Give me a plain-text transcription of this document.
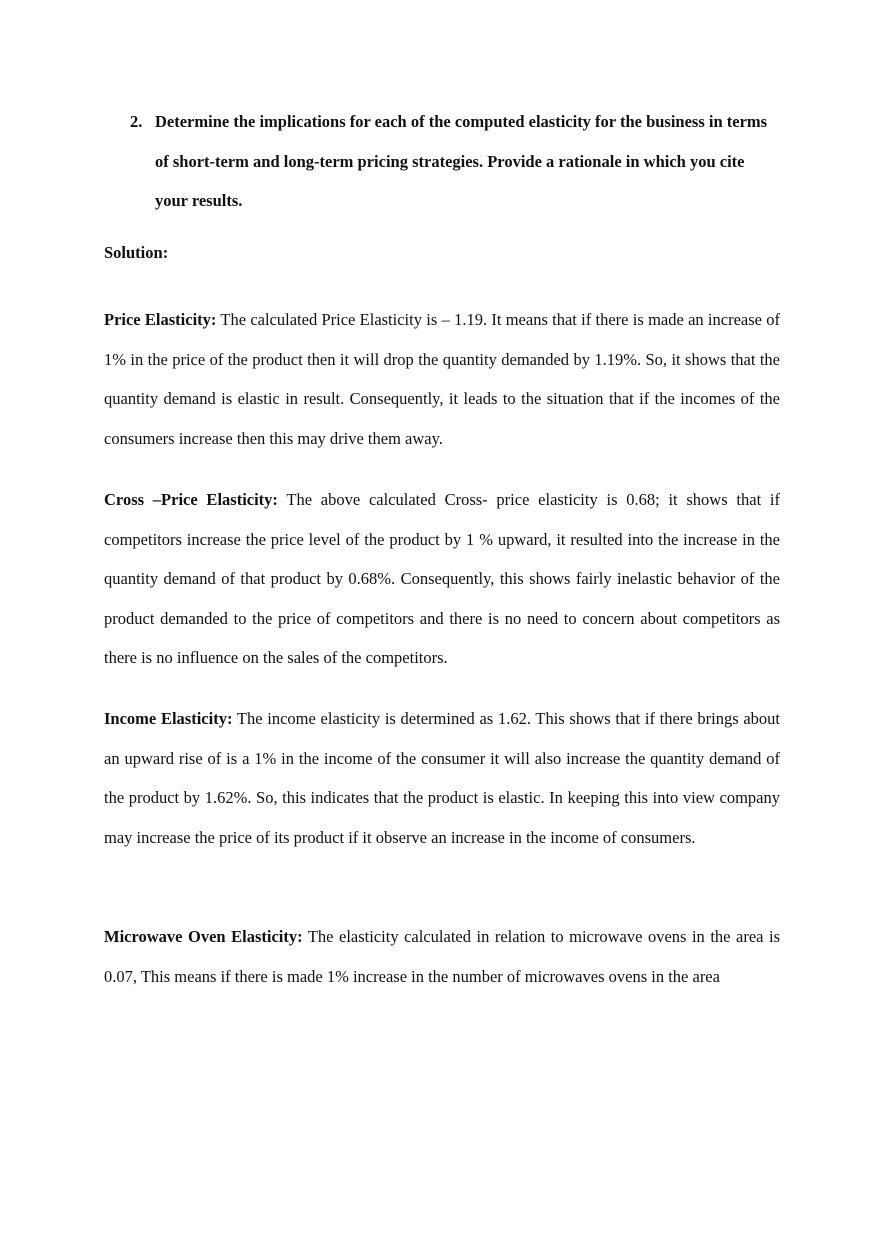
2. Determine the implications for each of the computed elasticity for the business in terms of short-term and long-term pricing strategies. Provide a rationale in which you cite your results.
Solution:

Price Elasticity: The calculated Price Elasticity is – 1.19. It means that if there is made an increase of 1% in the price of the product then it will drop the quantity demanded by 1.19%. So, it shows that the quantity demand is elastic in result. Consequently, it leads to the situation that if the incomes of the consumers increase then this may drive them away.

Cross –Price Elasticity: The above calculated Cross- price elasticity is 0.68; it shows that if competitors increase the price level of the product by 1 % upward, it resulted into the increase in the quantity demand of that product by 0.68%. Consequently, this shows fairly inelastic behavior of the product demanded to the price of competitors and there is no need to concern about competitors as there is no influence on the sales of the competitors.

Income Elasticity: The income elasticity is determined as 1.62. This shows that if there brings about an upward rise of is a 1% in the income of the consumer it will also increase the quantity demand of the product by 1.62%. So, this indicates that the product is elastic. In keeping this into view company may increase the price of its product if it observe an increase in the income of consumers.

Microwave Oven Elasticity: The elasticity calculated in relation to microwave ovens in the area is 0.07, This means if there is made 1% increase in the number of microwaves ovens in the area
